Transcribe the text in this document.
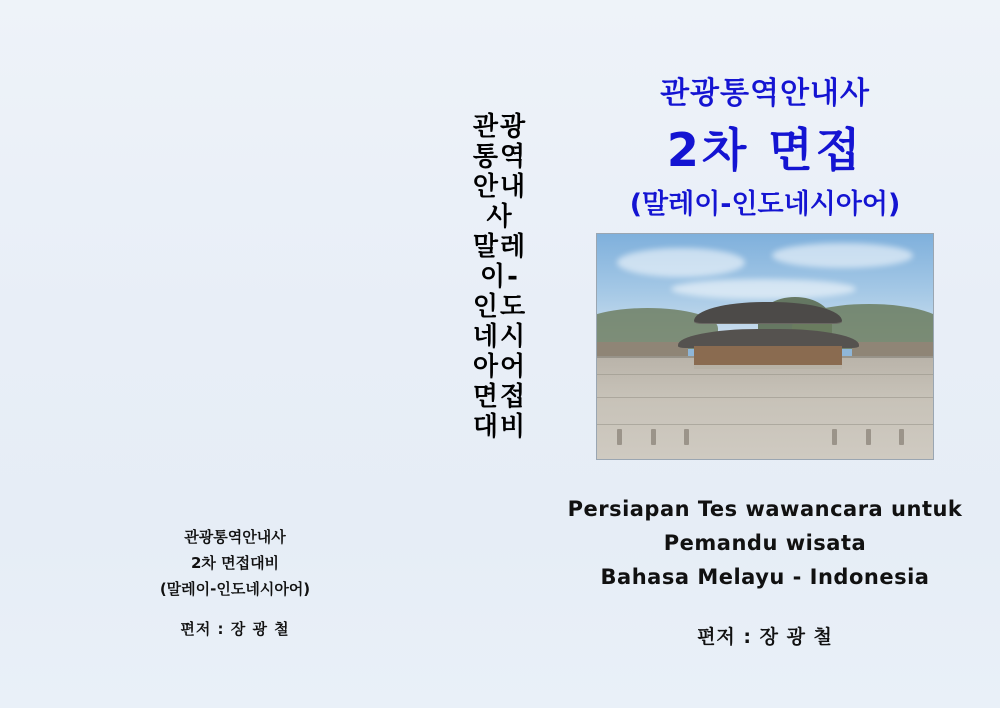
관광통역안내사
2차 면접대비
(말레이-인도네시아어)
편저 : 장 광 철
관광통역안내사 말레이-인도네시아어 면접 대비
관광통역안내사
2차 면접
(말레이-인도네시아어)
Persiapan Tes wawancara untuk
Pemandu wisata
Bahasa Melayu - Indonesia
편저 : 장 광 철
